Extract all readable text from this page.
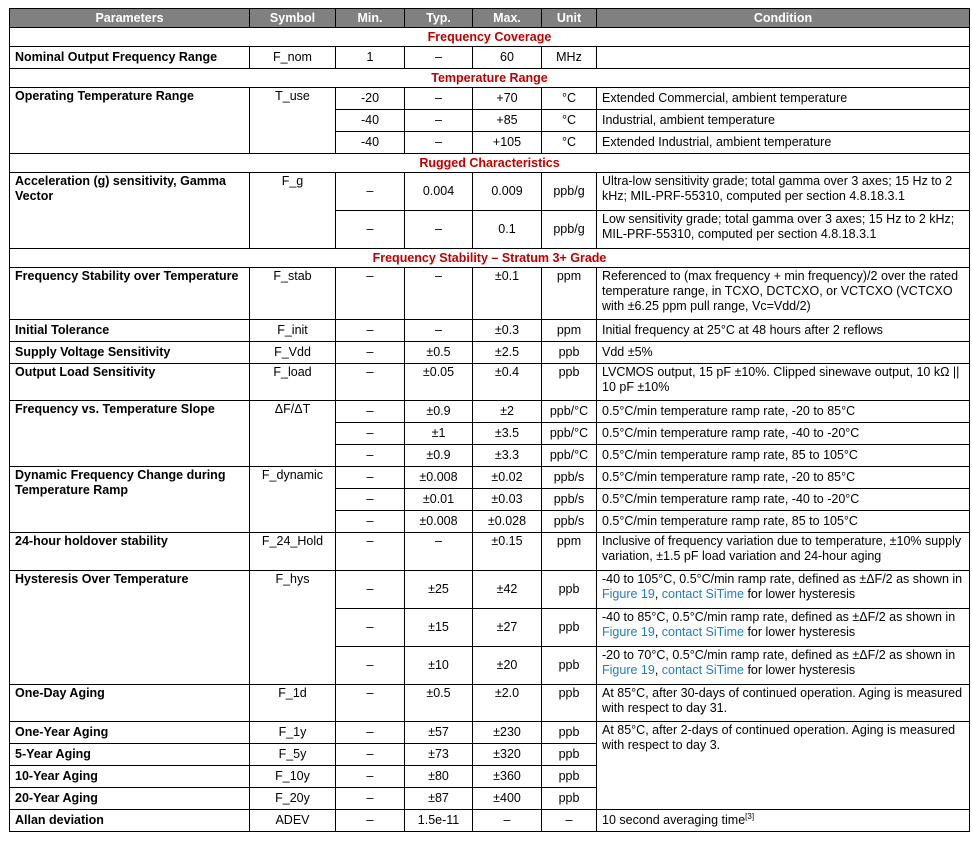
Parameters	Symbol	Min.	Typ.	Max.	Unit	Condition
Frequency Coverage						
Nominal Output Frequency Range	F_nom	1	–	60	MHz	
Temperature Range						
Operating Temperature Range	T_use	-20	–	+70	°C	Extended Commercial, ambient temperature
		-40	–	+85	°C	Industrial, ambient temperature
		-40	–	+105	°C	Extended Industrial, ambient temperature
Rugged Characteristics						
Acceleration (g) sensitivity, Gamma Vector	F_g	–	0.004	0.009	ppb/g	Ultra-low sensitivity grade; total gamma over 3 axes; 15 Hz to 2 kHz; MIL-PRF-55310, computed per section 4.8.18.3.1
		–	–	0.1	ppb/g	Low sensitivity grade; total gamma over 3 axes; 15 Hz to 2 kHz; MIL-PRF-55310, computed per section 4.8.18.3.1
Frequency Stability – Stratum 3+ Grade						
Frequency Stability over Temperature	F_stab	–	–	±0.1	ppm	Referenced to (max frequency + min frequency)/2 over the rated temperature range, in TCXO, DCTCXO, or VCTCXO (VCTCXO with ±6.25 ppm pull range, Vc=Vdd/2)
Initial Tolerance	F_init	–	–	±0.3	ppm	Initial frequency at 25°C at 48 hours after 2 reflows
Supply Voltage Sensitivity	F_Vdd	–	±0.5	±2.5	ppb	Vdd ±5%
Output Load Sensitivity	F_load	–	±0.05	±0.4	ppb	LVCMOS output, 15 pF ±10%. Clipped sinewave output, 10 kΩ || 10 pF ±10%
Frequency vs. Temperature Slope	ΔF/ΔT	–	±0.9	±2	ppb/°C	0.5°C/min temperature ramp rate, -20 to 85°C
		–	±1	±3.5	ppb/°C	0.5°C/min temperature ramp rate, -40 to -20°C
		–	±0.9	±3.3	ppb/°C	0.5°C/min temperature ramp rate, 85 to 105°C
Dynamic Frequency Change during Temperature Ramp	F_dynamic	–	±0.008	±0.02	ppb/s	0.5°C/min temperature ramp rate, -20 to 85°C
		–	±0.01	±0.03	ppb/s	0.5°C/min temperature ramp rate, -40 to -20°C
		–	±0.008	±0.028	ppb/s	0.5°C/min temperature ramp rate, 85 to 105°C
24-hour holdover stability	F_24_Hold	–	–	±0.15	ppm	Inclusive of frequency variation due to temperature, ±10% supply variation, ±1.5 pF load variation and 24-hour aging
Hysteresis Over Temperature	F_hys	–	±25	±42	ppb	-40 to 105°C, 0.5°C/min ramp rate, defined as ±ΔF/2 as shown in Figure 19, contact SiTime for lower hysteresis
		–	±15	±27	ppb	-40 to 85°C, 0.5°C/min ramp rate, defined as ±ΔF/2 as shown in Figure 19, contact SiTime for lower hysteresis
		–	±10	±20	ppb	-20 to 70°C, 0.5°C/min ramp rate, defined as ±ΔF/2 as shown in Figure 19, contact SiTime for lower hysteresis
One-Day Aging	F_1d	–	±0.5	±2.0	ppb	At 85°C, after 30-days of continued operation. Aging is measured with respect to day 31.
One-Year Aging	F_1y	–	±57	±230	ppb	At 85°C, after 2-days of continued operation. Aging is measured with respect to day 3.
5-Year Aging	F_5y	–	±73	±320	ppb	
10-Year Aging	F_10y	–	±80	±360	ppb	
20-Year Aging	F_20y	–	±87	±400	ppb	
Allan deviation	ADEV	–	1.5e-11	–	–	10 second averaging time[3]
